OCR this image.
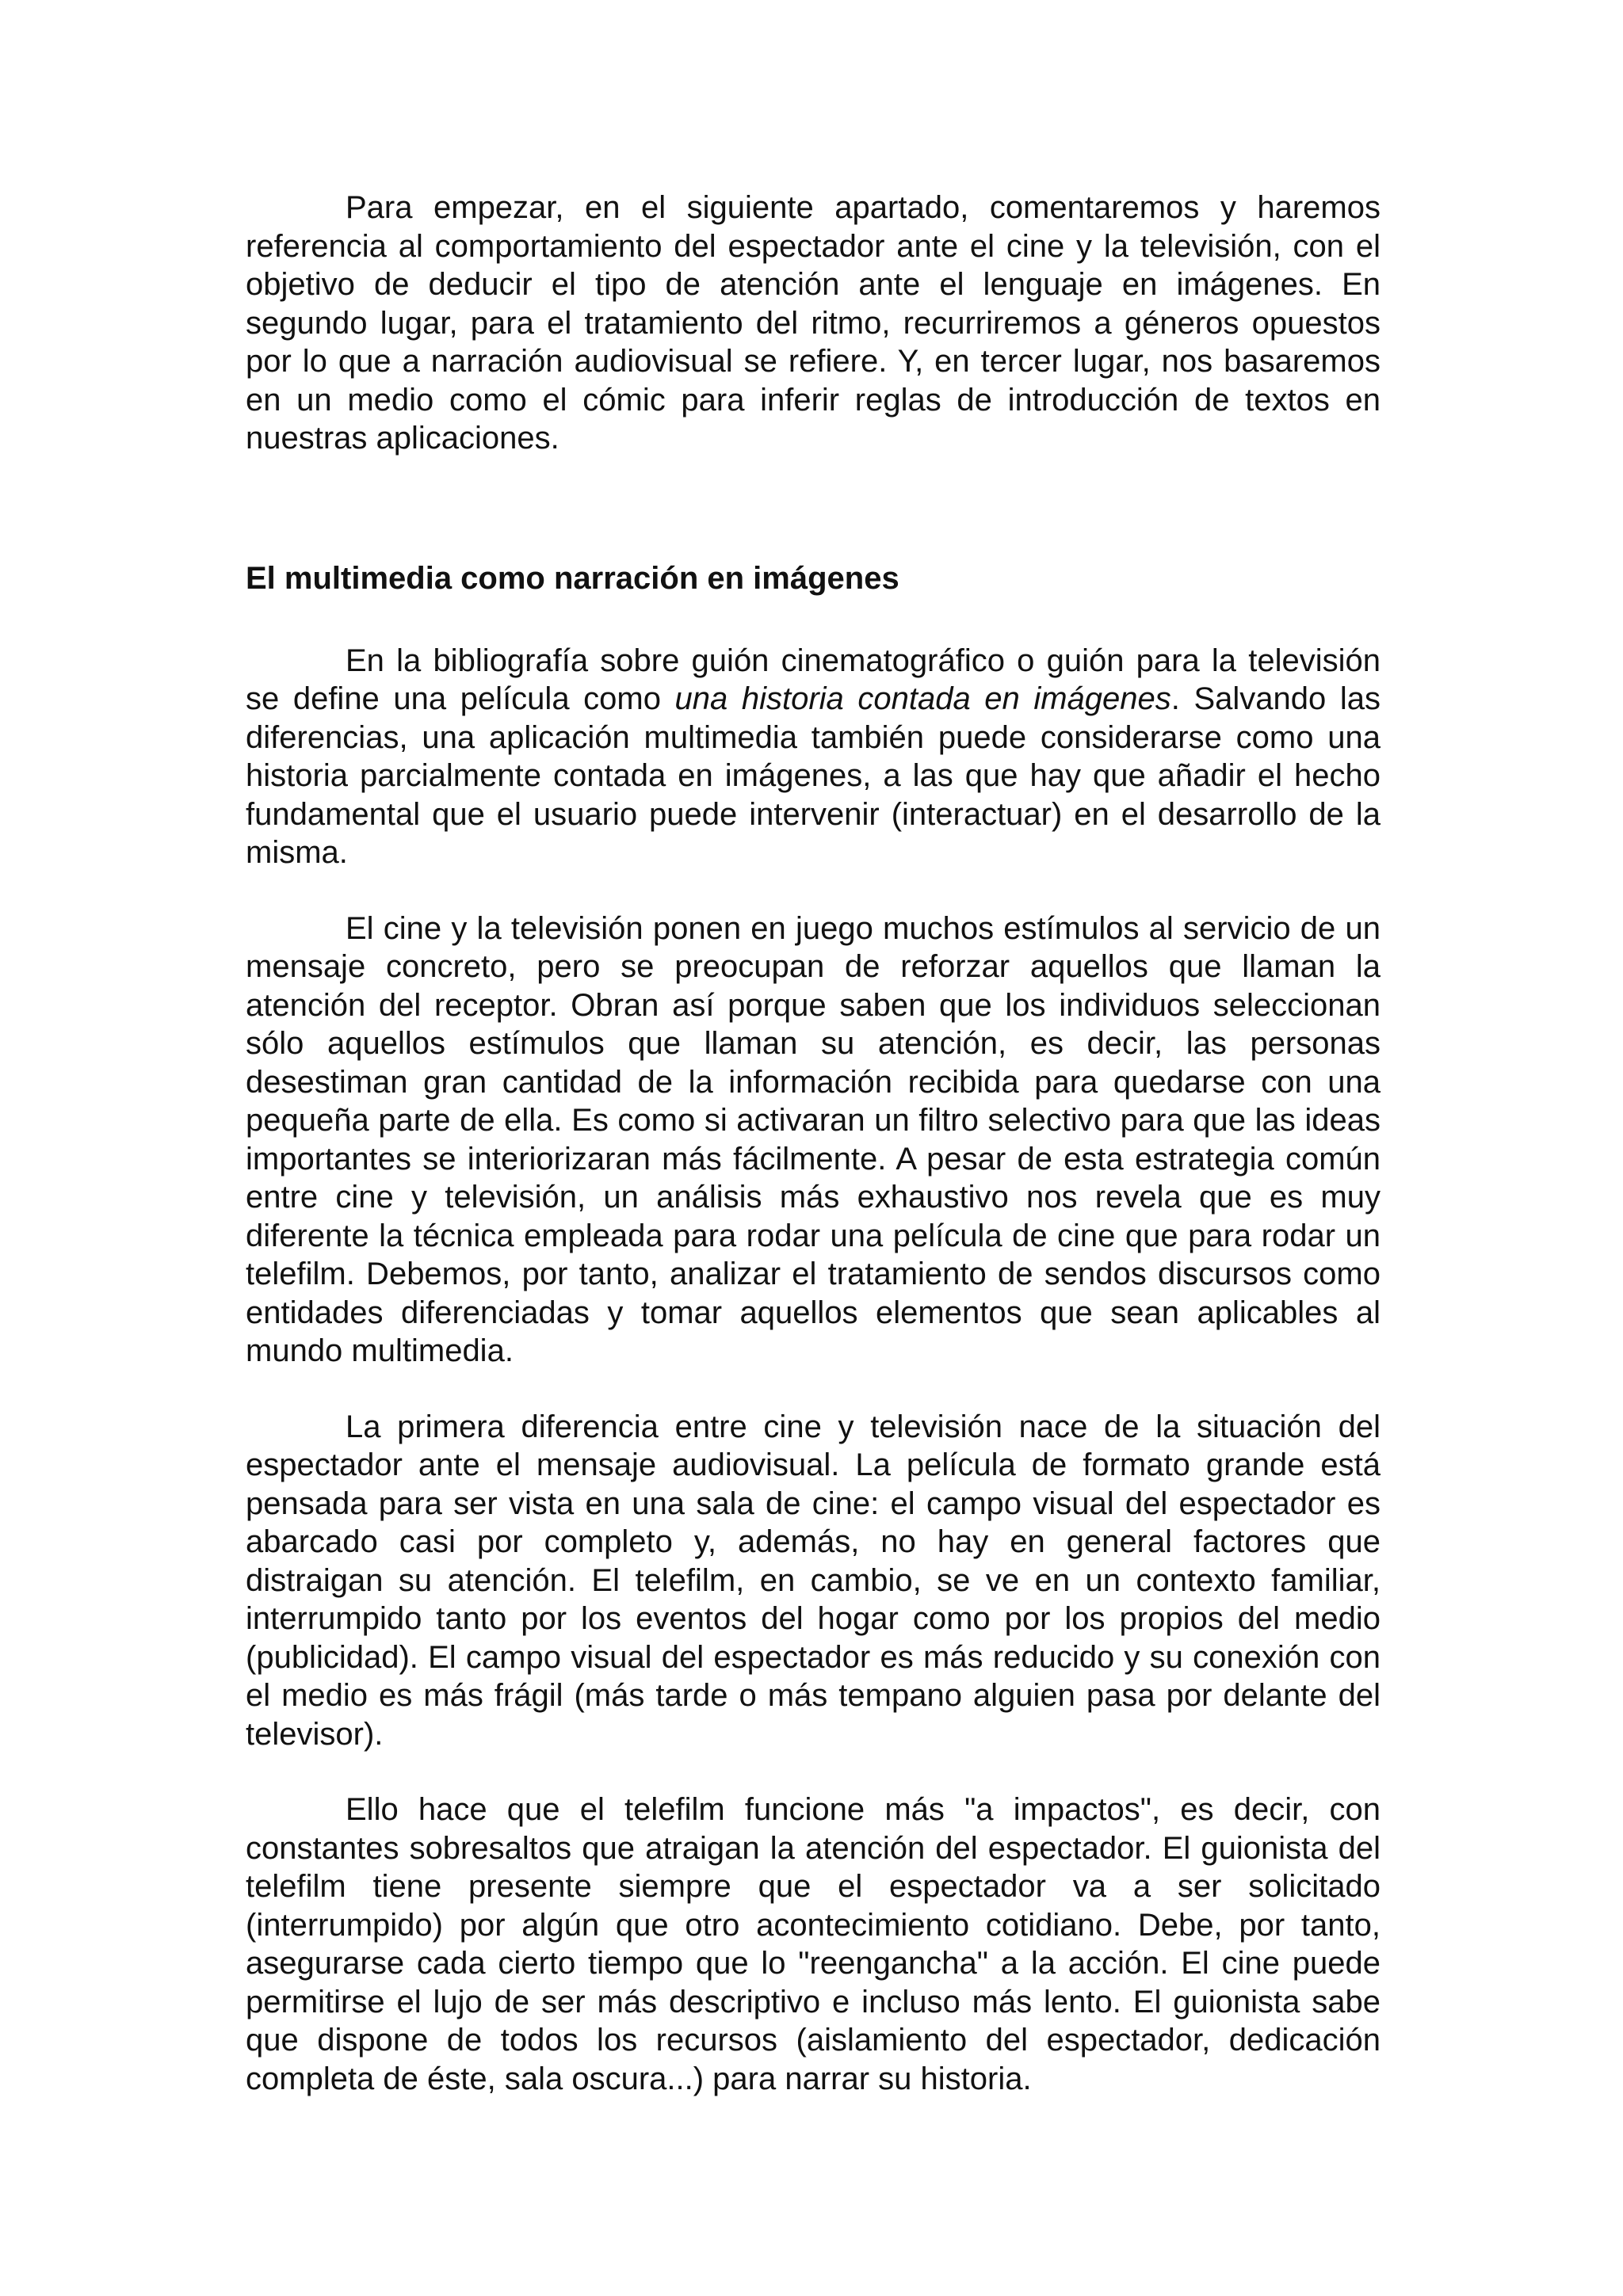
Para empezar, en el siguiente apartado, comentaremos y haremos referencia al comportamiento del espectador ante el cine y la televisión, con el objetivo de deducir el tipo de atención ante el lenguaje en imágenes. En segundo lugar, para el tratamiento del ritmo, recurriremos a géneros opuestos por lo que a narración audiovisual se refiere. Y, en tercer lugar, nos basaremos en un medio como el cómic para inferir reglas de introducción de textos en nuestras aplicaciones.

El multimedia como narración en imágenes

En la bibliografía sobre guión cinematográfico o guión para la televisión se define una película como una historia contada en imágenes. Salvando las diferencias, una aplicación multimedia también puede considerarse como una historia parcialmente contada en imágenes, a las que hay que añadir el hecho fundamental que el usuario puede intervenir (interactuar) en el desarrollo de la misma.

El cine y la televisión ponen en juego muchos estímulos al servicio de un mensaje concreto, pero se preocupan de reforzar aquellos que llaman la atención del receptor. Obran así porque saben que los individuos seleccionan sólo aquellos estímulos que llaman su atención, es decir, las personas desestiman gran cantidad de la información recibida para quedarse con una pequeña parte de ella. Es como si activaran un filtro selectivo para que las ideas importantes se interiorizaran más fácilmente. A pesar de esta estrategia común entre cine y televisión, un análisis más exhaustivo nos revela que es muy diferente la técnica empleada para rodar una película de cine que para rodar un telefilm. Debemos, por tanto, analizar el tratamiento de sendos discursos como entidades diferenciadas y tomar aquellos elementos que sean aplicables al mundo multimedia.

La primera diferencia entre cine y televisión nace de la situación del espectador ante el mensaje audiovisual. La película de formato grande está pensada para ser vista en una sala de cine: el campo visual del espectador es abarcado casi por completo y, además, no hay en general factores que distraigan su atención. El telefilm, en cambio, se ve en un contexto familiar, interrumpido tanto por los eventos del hogar como por los propios del medio (publicidad). El campo visual del espectador es más reducido y su conexión con el medio es más frágil (más tarde o más tempano alguien pasa por delante del televisor).

Ello hace que el telefilm funcione más "a impactos", es decir, con constantes sobresaltos que atraigan la atención del espectador. El guionista del telefilm tiene presente siempre que el espectador va a ser solicitado (interrumpido) por algún que otro acontecimiento cotidiano. Debe, por tanto, asegurarse cada cierto tiempo que lo "reengancha" a la acción. El cine puede permitirse el lujo de ser más descriptivo e incluso más lento. El guionista sabe que dispone de todos los recursos (aislamiento del espectador, dedicación completa de éste, sala oscura...) para narrar su historia.
